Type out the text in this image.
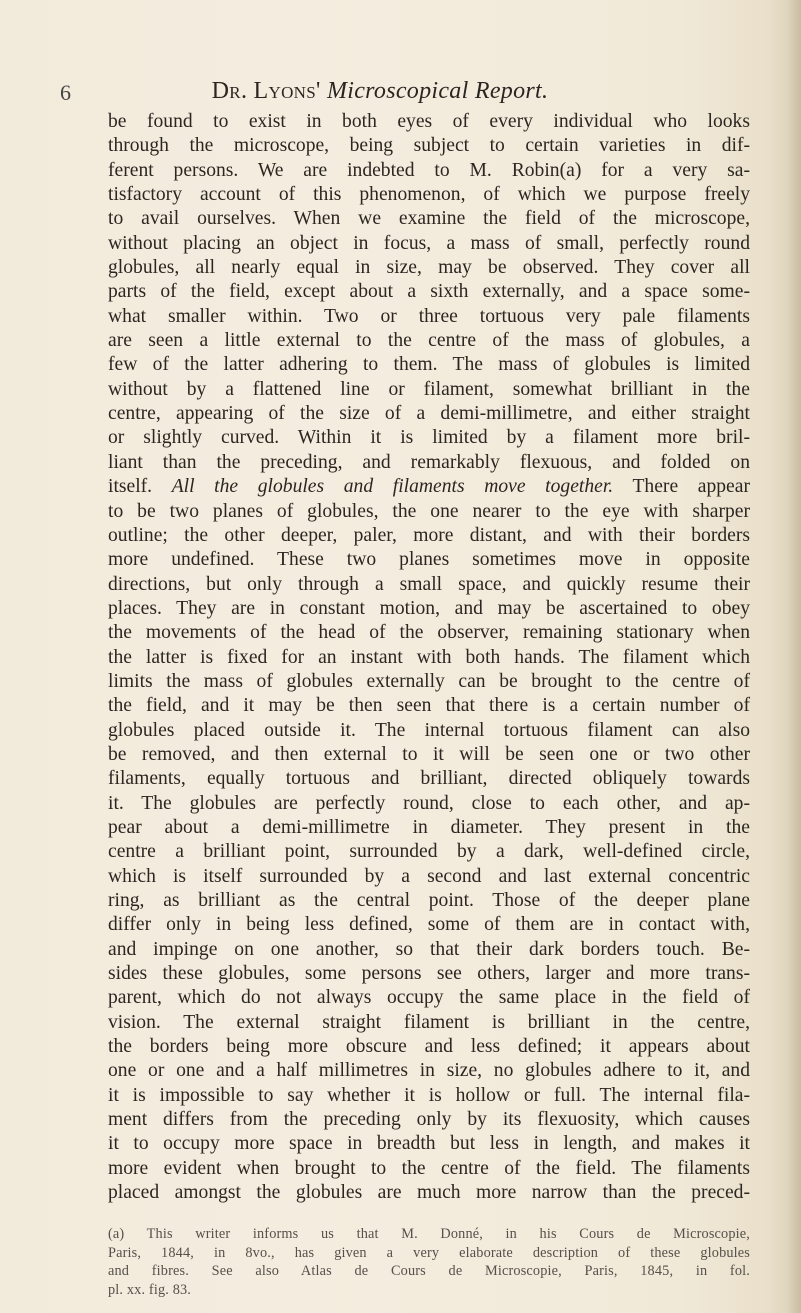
6	Dr. Lyons' Microscopical Report.

be found to exist in both eyes of every individual who looks
through the microscope, being subject to certain varieties in dif-
ferent persons. We are indebted to M. Robin(a) for a very sa-
tisfactory account of this phenomenon, of which we purpose freely
to avail ourselves. When we examine the field of the microscope,
without placing an object in focus, a mass of small, perfectly round
globules, all nearly equal in size, may be observed. They cover all
parts of the field, except about a sixth externally, and a space some-
what smaller within. Two or three tortuous very pale filaments
are seen a little external to the centre of the mass of globules, a
few of the latter adhering to them. The mass of globules is limited
without by a flattened line or filament, somewhat brilliant in the
centre, appearing of the size of a demi-millimetre, and either straight
or slightly curved. Within it is limited by a filament more bril-
liant than the preceding, and remarkably flexuous, and folded on
itself. All the globules and filaments move together. There appear
to be two planes of globules, the one nearer to the eye with sharper
outline; the other deeper, paler, more distant, and with their borders
more undefined. These two planes sometimes move in opposite
directions, but only through a small space, and quickly resume their
places. They are in constant motion, and may be ascertained to obey
the movements of the head of the observer, remaining stationary when
the latter is fixed for an instant with both hands. The filament which
limits the mass of globules externally can be brought to the centre of
the field, and it may be then seen that there is a certain number of
globules placed outside it. The internal tortuous filament can also
be removed, and then external to it will be seen one or two other
filaments, equally tortuous and brilliant, directed obliquely towards
it. The globules are perfectly round, close to each other, and ap-
pear about a demi-millimetre in diameter. They present in the
centre a brilliant point, surrounded by a dark, well-defined circle,
which is itself surrounded by a second and last external concentric
ring, as brilliant as the central point. Those of the deeper plane
differ only in being less defined, some of them are in contact with,
and impinge on one another, so that their dark borders touch. Be-
sides these globules, some persons see others, larger and more trans-
parent, which do not always occupy the same place in the field of
vision. The external straight filament is brilliant in the centre,
the borders being more obscure and less defined; it appears about
one or one and a half millimetres in size, no globules adhere to it, and
it is impossible to say whether it is hollow or full. The internal fila-
ment differs from the preceding only by its flexuosity, which causes
it to occupy more space in breadth but less in length, and makes it
more evident when brought to the centre of the field. The filaments
placed amongst the globules are much more narrow than the preced-

(a) This writer informs us that M. Donné, in his Cours de Microscopie,
Paris, 1844, in 8vo., has given a very elaborate description of these globules
and fibres. See also Atlas de Cours de Microscopie, Paris, 1845, in fol.
pl. xx. fig. 83.
